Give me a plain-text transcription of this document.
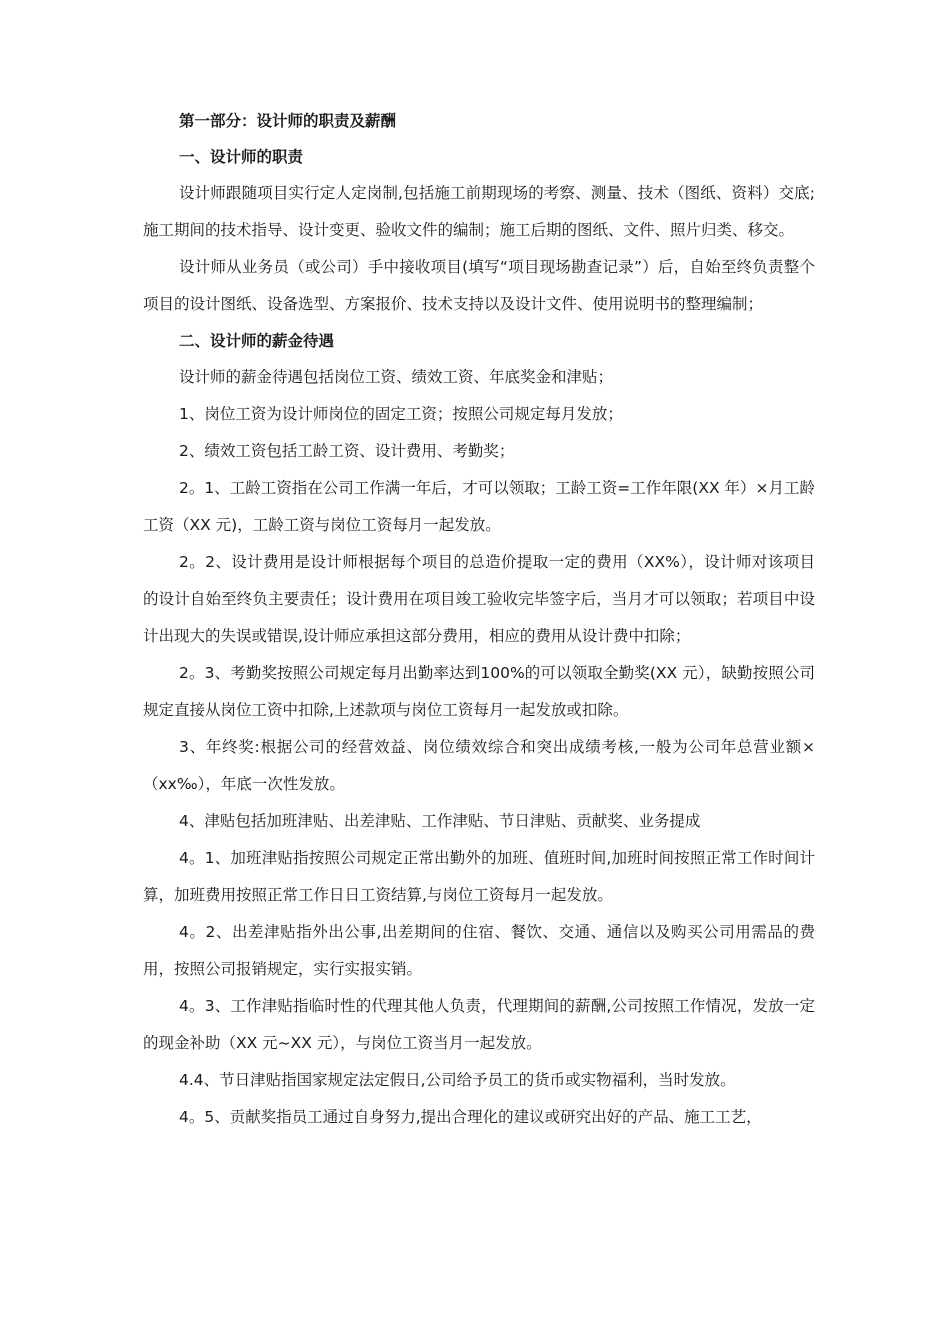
第一部分：设计师的职责及薪酬

一、设计师的职责

设计师跟随项目实行定人定岗制,包括施工前期现场的考察、测量、技术（图纸、资料）交底;施工期间的技术指导、设计变更、验收文件的编制；施工后期的图纸、文件、照片归类、移交。

设计师从业务员（或公司）手中接收项目(填写“项目现场勘查记录”）后，自始至终负责整个项目的设计图纸、设备选型、方案报价、技术支持以及设计文件、使用说明书的整理编制；

二、设计师的薪金待遇

设计师的薪金待遇包括岗位工资、绩效工资、年底奖金和津贴；

1、岗位工资为设计师岗位的固定工资；按照公司规定每月发放；

2、绩效工资包括工龄工资、设计费用、考勤奖；

2。1、工龄工资指在公司工作满一年后，才可以领取；工龄工资=工作年限(XX 年）×月工龄工资（XX 元)，工龄工资与岗位工资每月一起发放。

2。2、设计费用是设计师根据每个项目的总造价提取一定的费用（XX%），设计师对该项目的设计自始至终负主要责任；设计费用在项目竣工验收完毕签字后，当月才可以领取；若项目中设计出现大的失误或错误,设计师应承担这部分费用，相应的费用从设计费中扣除；

2。3、考勤奖按照公司规定每月出勤率达到100%的可以领取全勤奖(XX 元），缺勤按照公司规定直接从岗位工资中扣除,上述款项与岗位工资每月一起发放或扣除。

3、年终奖:根据公司的经营效益、岗位绩效综合和突出成绩考核,一般为公司年总营业额×（xx‰），年底一次性发放。

4、津贴包括加班津贴、出差津贴、工作津贴、节日津贴、贡献奖、业务提成

4。1、加班津贴指按照公司规定正常出勤外的加班、值班时间,加班时间按照正常工作时间计算，加班费用按照正常工作日日工资结算,与岗位工资每月一起发放。

4。2、出差津贴指外出公事,出差期间的住宿、餐饮、交通、通信以及购买公司用需品的费用，按照公司报销规定，实行实报实销。

4。3、工作津贴指临时性的代理其他人负责，代理期间的薪酬,公司按照工作情况，发放一定的现金补助（XX 元~XX 元），与岗位工资当月一起发放。

4.4、节日津贴指国家规定法定假日,公司给予员工的货币或实物福利，当时发放。

4。5、贡献奖指员工通过自身努力,提出合理化的建议或研究出好的产品、施工工艺，
